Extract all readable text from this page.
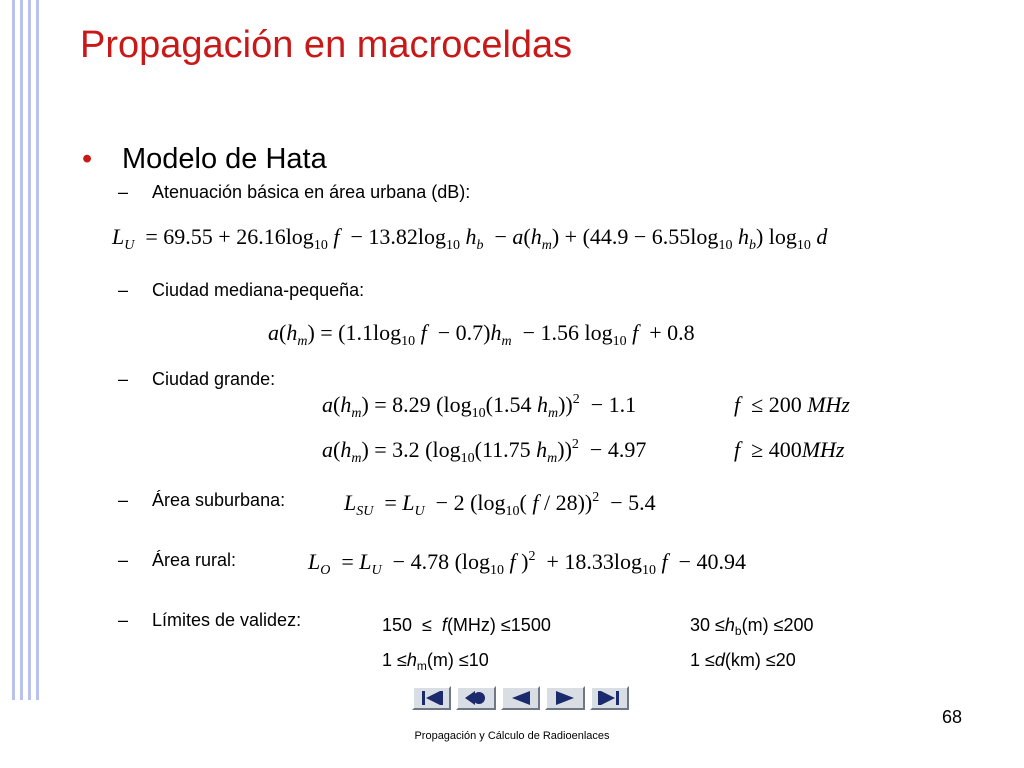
Propagación en macroceldas
• Modelo de Hata
– Atenuación básica en área urbana (dB):
– Ciudad mediana-pequeña:
– Ciudad grande:
– Área suburbana:
– Área rural:
– Límites de validez:
$L_U = 69.55 + 26.16\log_{10}$ $f - 13.82\log_{10}$ $h_b - a(h_m) + (44.9 - 6.55\log_{10}$ $h_b$) $\log_{10} d$
$a(h_m) = (1.1\log_{10}$ $f - 0.7)h_m - 1.56$ $\log_{10} f + 0.8$
$a(h_m) = 8.29$ ($\log_{10}(1.54$ $h_m))^2 - 1.1$	f  ≤ 200 MHz
$a(h_m) = 3.2$ ($\log_{10}(11.75$ $h_m))^2 - 4.97$	f  ≥ 400MHz
$L_{SU} = L_U - 2$ ($\log_{10}$( f / 28))$^2$  − 5.4
$L_O = L_U - 4.78$ ($\log_{10}$ f )$^2 + 18.33\log_{10}$ f  − 40.94
150  ≤  f(MHz) ≤1500	$30 \le h_b(m) \le 200$
$1 \le h_m(m) \le 10$	1 ≤d(km) ≤20
68
Propagación y Cálculo de Radioenlaces
